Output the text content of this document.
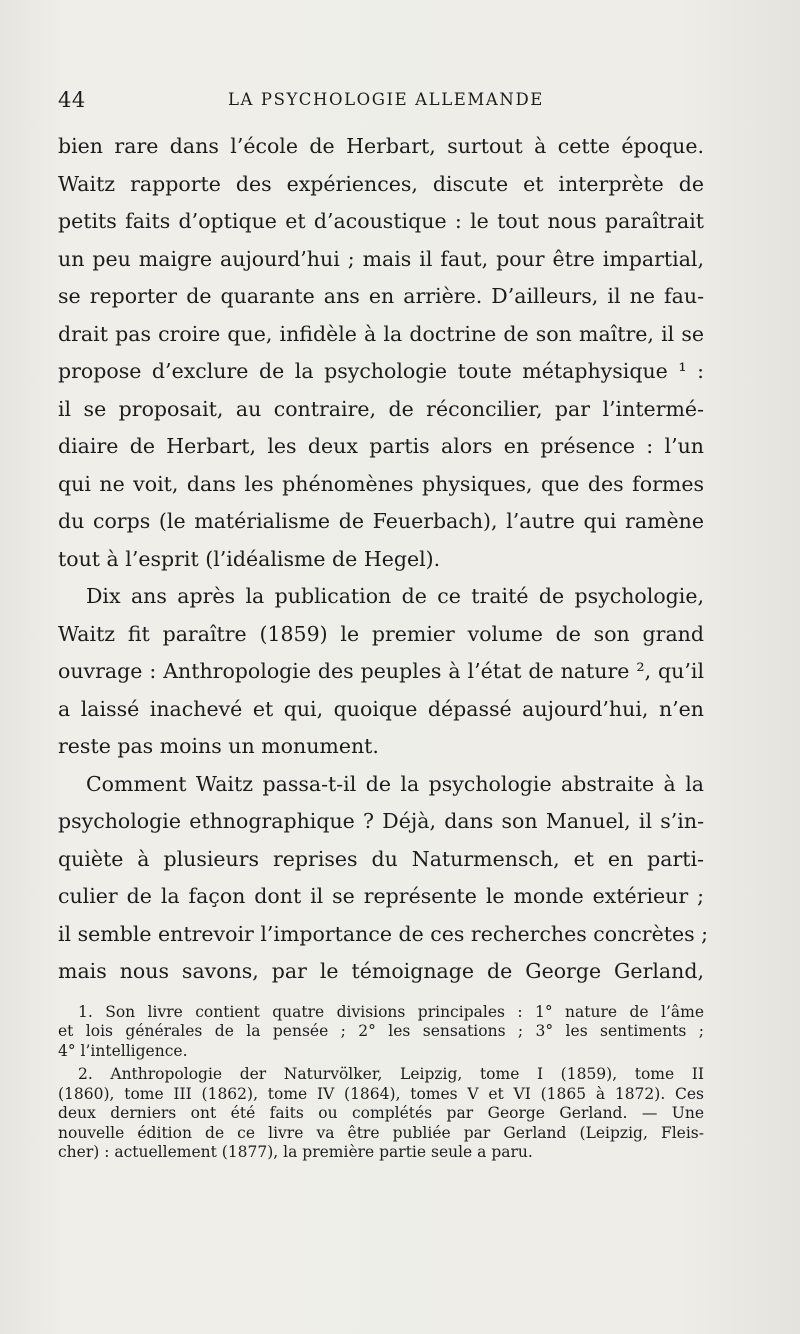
44	LA PSYCHOLOGIE ALLEMANDE

bien rare dans l’école de Herbart, surtout à cette époque.
Waitz rapporte des expériences, discute et interprète de
petits faits d’optique et d’acoustique : le tout nous paraîtrait
un peu maigre aujourd’hui ; mais il faut, pour être impartial,
se reporter de quarante ans en arrière. D’ailleurs, il ne fau-
drait pas croire que, infidèle à la doctrine de son maître, il se
propose d’exclure de la psychologie toute métaphysique ¹ :
il se proposait, au contraire, de réconcilier, par l’intermé-
diaire de Herbart, les deux partis alors en présence : l’un
qui ne voit, dans les phénomènes physiques, que des formes
du corps (le matérialisme de Feuerbach), l’autre qui ramène
tout à l’esprit (l’idéalisme de Hegel).

Dix ans après la publication de ce traité de psychologie,
Waitz fit paraître (1859) le premier volume de son grand
ouvrage : Anthropologie des peuples à l’état de nature ², qu’il
a laissé inachevé et qui, quoique dépassé aujourd’hui, n’en
reste pas moins un monument.

Comment Waitz passa-t-il de la psychologie abstraite à la
psychologie ethnographique ? Déjà, dans son Manuel, il s’in-
quiète à plusieurs reprises du Naturmensch, et en parti-
culier de la façon dont il se représente le monde extérieur ;
il semble entrevoir l’importance de ces recherches concrètes ;
mais nous savons, par le témoignage de George Gerland,

1. Son livre contient quatre divisions principales : 1° nature de l’âme
et lois générales de la pensée ; 2° les sensations ; 3° les sentiments ;
4° l’intelligence.
2. Anthropologie der Naturvölker, Leipzig, tome I (1859), tome II
(1860), tome III (1862), tome IV (1864), tomes V et VI (1865 à 1872). Ces
deux derniers ont été faits ou complétés par George Gerland. — Une
nouvelle édition de ce livre va être publiée par Gerland (Leipzig, Fleis-
cher) : actuellement (1877), la première partie seule a paru.
